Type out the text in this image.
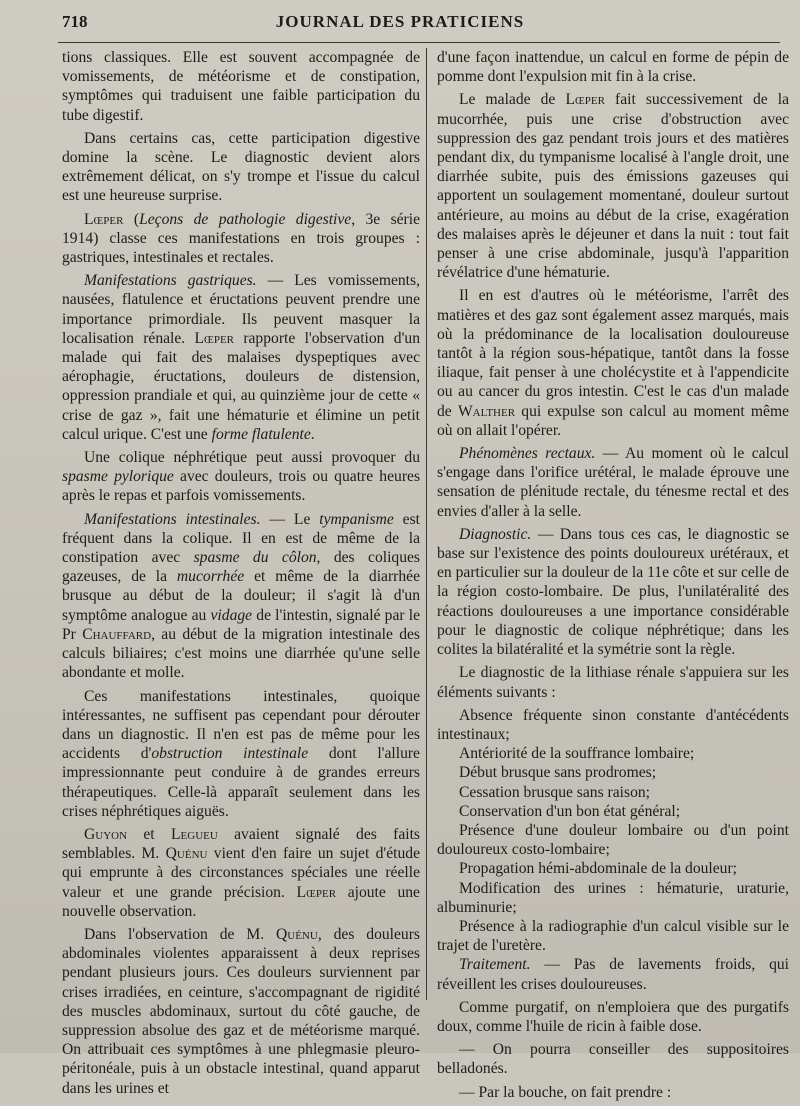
718	JOURNAL DES PRATICIENS

tions classiques. Elle est souvent accompagnée de vomissements, de météorisme et de constipation, symptômes qui traduisent une faible participation du tube digestif.

Dans certains cas, cette participation digestive domine la scène. Le diagnostic devient alors extrêmement délicat, on s'y trompe et l'issue du calcul est une heureuse surprise.

Lœper (Leçons de pathologie digestive, 3e série 1914) classe ces manifestations en trois groupes : gastriques, intestinales et rectales.

Manifestations gastriques. — Les vomissements, nausées, flatulence et éructations peuvent prendre une importance primordiale. Ils peuvent masquer la localisation rénale. Lœper rapporte l'observation d'un malade qui fait des malaises dyspeptiques avec aérophagie, éructations, douleurs de distension, oppression prandiale et qui, au quinzième jour de cette « crise de gaz », fait une hématurie et élimine un petit calcul urique. C'est une forme flatulente.

Une colique néphrétique peut aussi provoquer du spasme pylorique avec douleurs, trois ou quatre heures après le repas et parfois vomissements.

Manifestations intestinales. — Le tympanisme est fréquent dans la colique. Il en est de même de la constipation avec spasme du côlon, des coliques gazeuses, de la mucorrhée et même de la diarrhée brusque au début de la douleur; il s'agit là d'un symptôme analogue au vidage de l'intestin, signalé par le Pr Chauffard, au début de la migration intestinale des calculs biliaires; c'est moins une diarrhée qu'une selle abondante et molle.

Ces manifestations intestinales, quoique intéressantes, ne suffisent pas cependant pour dérouter dans un diagnostic. Il n'en est pas de même pour les accidents d'obstruction intestinale dont l'allure impressionnante peut conduire à de grandes erreurs thérapeutiques. Celle-là apparaît seulement dans les crises néphrétiques aiguës.

Guyon et Legueu avaient signalé des faits semblables. M. Quénu vient d'en faire un sujet d'étude qui emprunte à des circonstances spéciales une réelle valeur et une grande précision. Lœper ajoute une nouvelle observation.

Dans l'observation de M. Quénu, des douleurs abdominales violentes apparaissent à deux reprises pendant plusieurs jours. Ces douleurs surviennent par crises irradiées, en ceinture, s'accompagnant de rigidité des muscles abdominaux, surtout du côté gauche, de suppression absolue des gaz et de météorisme marqué. On attribuait ces symptômes à une phlegmasie pleuro-péritonéale, puis à un obstacle intestinal, quand apparut dans les urines et

d'une façon inattendue, un calcul en forme de pépin de pomme dont l'expulsion mit fin à la crise.

Le malade de Lœper fait successivement de la mucorrhée, puis une crise d'obstruction avec suppression des gaz pendant trois jours et des matières pendant dix, du tympanisme localisé à l'angle droit, une diarrhée subite, puis des émissions gazeuses qui apportent un soulagement momentané, douleur surtout antérieure, au moins au début de la crise, exagération des malaises après le déjeuner et dans la nuit : tout fait penser à une crise abdominale, jusqu'à l'apparition révélatrice d'une hématurie.

Il en est d'autres où le météorisme, l'arrêt des matières et des gaz sont également assez marqués, mais où la prédominance de la localisation douloureuse tantôt à la région sous-hépatique, tantôt dans la fosse iliaque, fait penser à une cholécystite et à l'appendicite ou au cancer du gros intestin. C'est le cas d'un malade de Walther qui expulse son calcul au moment même où on allait l'opérer.

Phénomènes rectaux. — Au moment où le calcul s'engage dans l'orifice urétéral, le malade éprouve une sensation de plénitude rectale, du ténesme rectal et des envies d'aller à la selle.

Diagnostic. — Dans tous ces cas, le diagnostic se base sur l'existence des points douloureux urétéraux, et en particulier sur la douleur de la 11e côte et sur celle de la région costo-lombaire. De plus, l'unilatéralité des réactions douloureuses a une importance considérable pour le diagnostic de colique néphrétique; dans les colites la bilatéralité et la symétrie sont la règle.

Le diagnostic de la lithiase rénale s'appuiera sur les éléments suivants :

Absence fréquente sinon constante d'antécédents intestinaux;

Antériorité de la souffrance lombaire;

Début brusque sans prodromes;

Cessation brusque sans raison;

Conservation d'un bon état général;

Présence d'une douleur lombaire ou d'un point douloureux costo-lombaire;

Propagation hémi-abdominale de la douleur;

Modification des urines : hématurie, uraturie, albuminurie;

Présence à la radiographie d'un calcul visible sur le trajet de l'uretère.

Traitement. — Pas de lavements froids, qui réveillent les crises douloureuses.

Comme purgatif, on n'emploiera que des purgatifs doux, comme l'huile de ricin à faible dose.

— On pourra conseiller des suppositoires belladonés.

— Par la bouche, on fait prendre :
